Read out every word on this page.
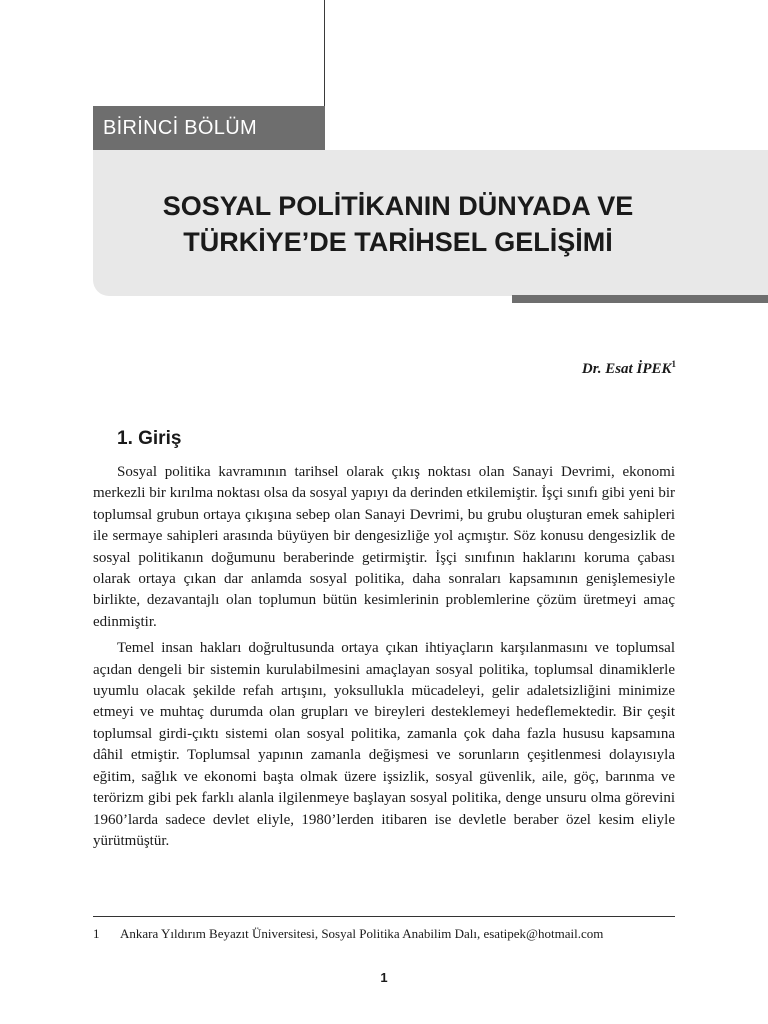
BİRİNCİ BÖLÜM
SOSYAL POLİTİKANIN DÜNYADA VE
TÜRKİYE’DE TARİHSEL GELİŞİMİ
Dr. Esat İPEK$^1$
1. Giriş

Sosyal politika kavramının tarihsel olarak çıkış noktası olan Sanayi Devrimi, ekonomi merkezli bir kırılma noktası olsa da sosyal yapıyı da derinden etkilemiştir. İşçi sınıfı gibi yeni bir toplumsal grubun ortaya çıkışına sebep olan Sanayi Devrimi, bu grubu oluşturan emek sahipleri ile sermaye sahipleri arasında büyüyen bir dengesizliğe yol açmıştır. Söz konusu dengesizlik de sosyal politikanın doğumunu beraberinde getirmiştir. İşçi sınıfının haklarını koruma çabası olarak ortaya çıkan dar anlamda sosyal politika, daha sonraları kapsamının genişlemesiyle birlikte, dezavantajlı olan toplumun bütün kesimlerinin problemlerine çözüm üretmeyi amaç edinmiştir.

Temel insan hakları doğrultusunda ortaya çıkan ihtiyaçların karşılanmasını ve toplumsal açıdan dengeli bir sistemin kurulabilmesini amaçlayan sosyal politika, toplumsal dinamiklerle uyumlu olacak şekilde refah artışını, yoksullukla mücadeleyi, gelir adaletsizliğini minimize etmeyi ve muhtaç durumda olan grupları ve bireyleri desteklemeyi hedeflemektedir. Bir çeşit toplumsal girdi-çıktı sistemi olan sosyal politika, zamanla çok daha fazla hususu kapsamına dâhil etmiştir. Toplumsal yapının zamanla değişmesi ve sorunların çeşitlenmesi dolayısıyla eğitim, sağlık ve ekonomi başta olmak üzere işsizlik, sosyal güvenlik, aile, göç, barınma ve terörizm gibi pek farklı alanla ilgilenmeye başlayan sosyal politika, denge unsuru olma görevini 1960’larda sadece devlet eliyle, 1980’lerden itibaren ise devletle beraber özel kesim eliyle yürütmüştür.

1 Ankara Yıldırım Beyazıt Üniversitesi, Sosyal Politika Anabilim Dalı, esatipek@hotmail.com
1
